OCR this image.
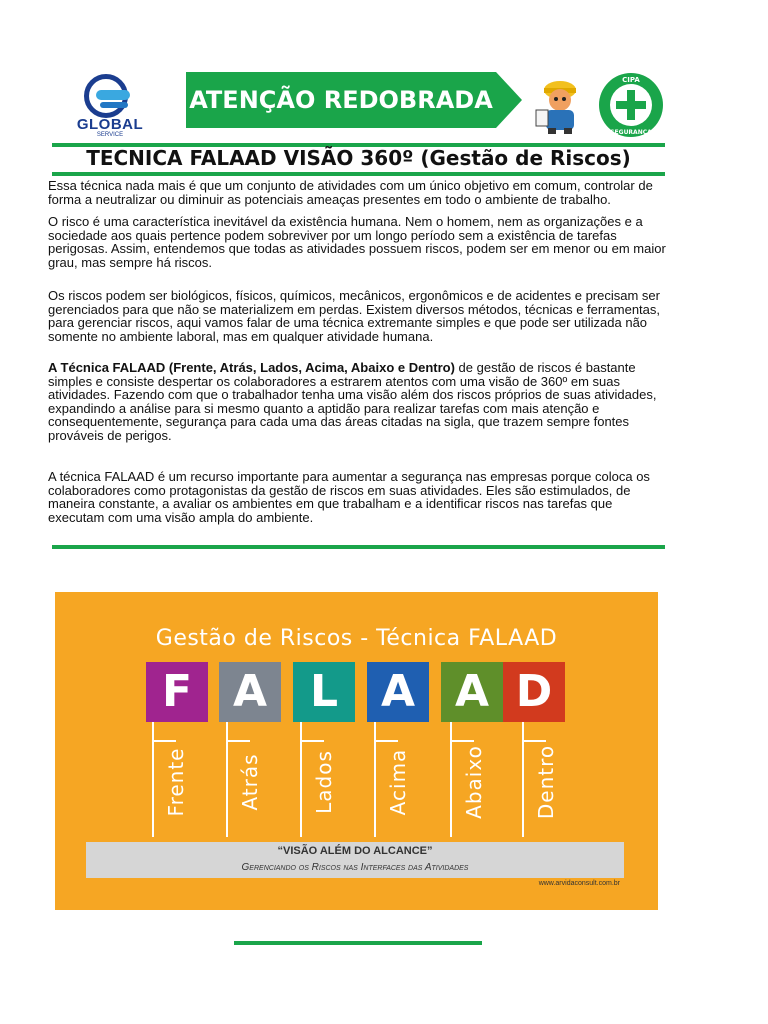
GLOBAL
SERVICE
ATENÇÃO REDOBRADA
CIPA
SEGURANÇA
TECNICA FALAAD VISÃO 360º (Gestão de Riscos)
Essa técnica nada mais é que um conjunto de atividades com um único objetivo em comum, controlar de forma a neutralizar ou diminuir as potenciais ameaças presentes em todo o ambiente de trabalho.
O risco é uma característica inevitável da existência humana. Nem o homem, nem as organizações e a sociedade aos quais pertence podem sobreviver por um longo período sem a existência de tarefas perigosas. Assim, entendemos que todas as atividades possuem riscos, podem ser em menor ou em maior grau, mas sempre há riscos.
Os riscos podem ser biológicos, físicos, químicos, mecânicos, ergonômicos e de acidentes e precisam ser gerenciados para que não se materializem em perdas. Existem diversos métodos, técnicas e ferramentas, para gerenciar riscos, aqui vamos falar de uma técnica extremante simples e que pode ser utilizada não somente no ambiente laboral, mas em qualquer atividade humana.
A Técnica FALAAD (Frente, Atrás, Lados, Acima, Abaixo e Dentro) de gestão de riscos é bastante simples e consiste despertar os colaboradores a estrarem atentos com uma visão de 360º em suas atividades. Fazendo com que o trabalhador tenha uma visão além dos riscos próprios de suas atividades, expandindo a análise para si mesmo quanto a aptidão para realizar tarefas com mais atenção e consequentemente, segurança para cada uma das áreas citadas na sigla, que trazem sempre fontes prováveis de perigos.
A técnica FALAAD é um recurso importante para aumentar a segurança nas empresas porque coloca os colaboradores como protagonistas da gestão de riscos em suas atividades. Eles são estimulados, de maneira constante, a avaliar os ambientes em que trabalham e a identificar riscos nas tarefas que executam com uma visão ampla do ambiente.
Gestão de Riscos - Técnica FALAAD
F A L A A D
Frente	Atrás	Lados	Acima	Abaixo Dentro
“VISÃO ALÉM DO ALCANCE”
Gerenciando os Riscos nas Interfaces das Atividades
www.arvidaconsult.com.br
